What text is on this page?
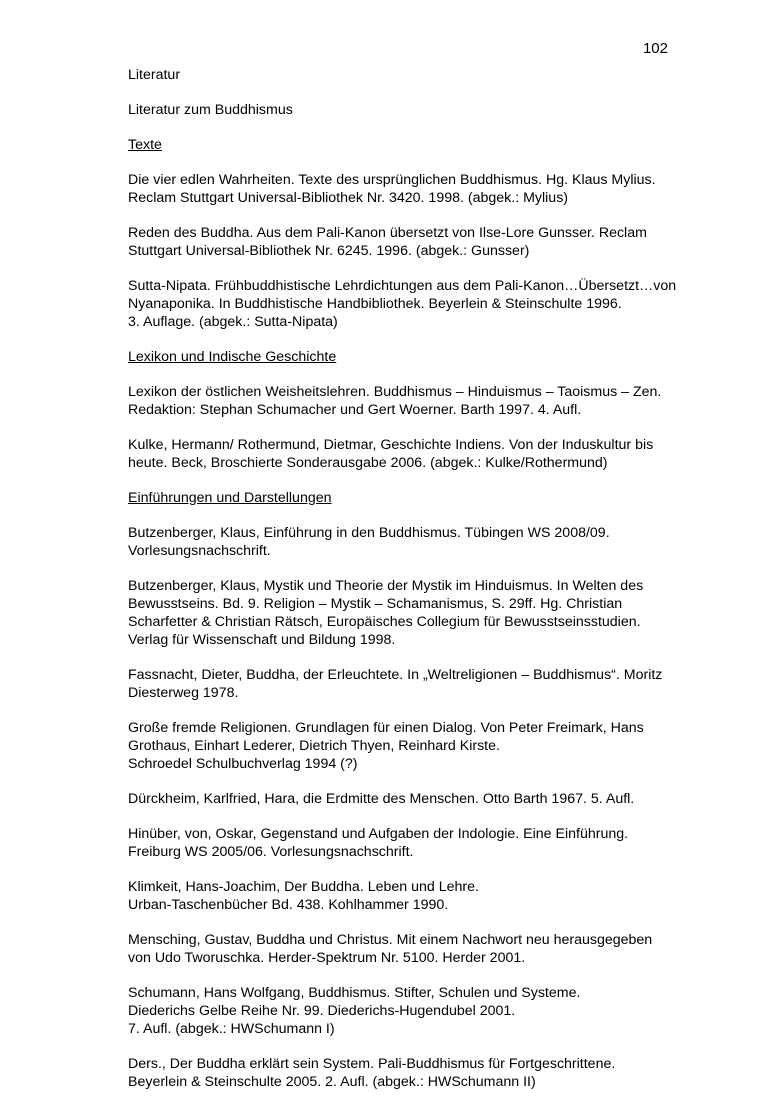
102
Literatur
Literatur zum Buddhismus
Texte
Die vier edlen Wahrheiten. Texte des ursprünglichen Buddhismus. Hg. Klaus Mylius.
Reclam Stuttgart Universal-Bibliothek Nr. 3420. 1998. (abgek.: Mylius)
Reden des Buddha. Aus dem Pali-Kanon übersetzt von Ilse-Lore Gunsser. Reclam
Stuttgart Universal-Bibliothek Nr. 6245. 1996. (abgek.: Gunsser)
Sutta-Nipata. Frühbuddhistische Lehrdichtungen aus dem Pali-Kanon…Übersetzt…von
Nyanaponika. In Buddhistische Handbibliothek. Beyerlein & Steinschulte 1996.
3. Auflage. (abgek.: Sutta-Nipata)
Lexikon und Indische Geschichte
Lexikon der östlichen Weisheitslehren. Buddhismus – Hinduismus – Taoismus – Zen.
Redaktion: Stephan Schumacher und Gert Woerner. Barth 1997. 4. Aufl.
Kulke, Hermann/ Rothermund, Dietmar, Geschichte Indiens. Von der Induskultur bis
heute. Beck, Broschierte Sonderausgabe 2006. (abgek.: Kulke/Rothermund)
Einführungen und Darstellungen
Butzenberger, Klaus, Einführung in den Buddhismus. Tübingen WS 2008/09.
Vorlesungsnachschrift.
Butzenberger, Klaus, Mystik und Theorie der Mystik im Hinduismus. In Welten des
Bewusstseins. Bd. 9. Religion – Mystik – Schamanismus, S. 29ff. Hg. Christian
Scharfetter & Christian Rätsch, Europäisches Collegium für Bewusstseinsstudien.
Verlag für Wissenschaft und Bildung 1998.
Fassnacht, Dieter, Buddha, der Erleuchtete. In „Weltreligionen – Buddhismus“. Moritz
Diesterweg 1978.
Große fremde Religionen. Grundlagen für einen Dialog. Von Peter Freimark, Hans
Grothaus, Einhart Lederer, Dietrich Thyen, Reinhard Kirste.
Schroedel Schulbuchverlag 1994 (?)
Dürckheim, Karlfried, Hara, die Erdmitte des Menschen. Otto Barth 1967. 5. Aufl.
Hinüber, von, Oskar, Gegenstand und Aufgaben der Indologie. Eine Einführung.
Freiburg WS 2005/06. Vorlesungsnachschrift.
Klimkeit, Hans-Joachim, Der Buddha. Leben und Lehre.
Urban-Taschenbücher Bd. 438. Kohlhammer 1990.
Mensching, Gustav, Buddha und Christus. Mit einem Nachwort neu herausgegeben
von Udo Tworuschka. Herder-Spektrum Nr. 5100. Herder 2001.
Schumann, Hans Wolfgang, Buddhismus. Stifter, Schulen und Systeme.
Diederichs Gelbe Reihe Nr. 99. Diederichs-Hugendubel 2001.
7. Aufl. (abgek.: HWSchumann I)
Ders., Der Buddha erklärt sein System. Pali-Buddhismus für Fortgeschrittene.
Beyerlein & Steinschulte 2005. 2. Aufl. (abgek.: HWSchumann II)
